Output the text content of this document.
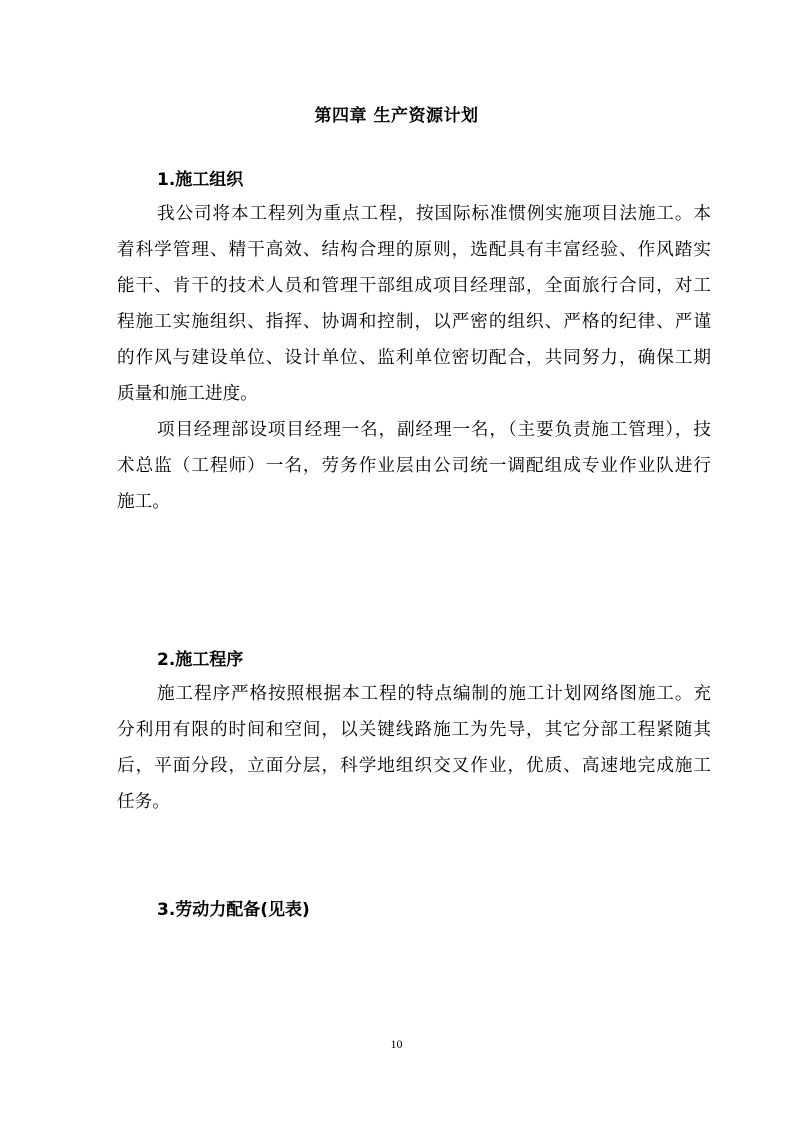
第四章 生产资源计划
1.施工组织
我公司将本工程列为重点工程，按国际标准惯例实施项目法施工。本
着科学管理、精干高效、结构合理的原则，选配具有丰富经验、作风踏实
能干、肯干的技术人员和管理干部组成项目经理部，全面旅行合同，对工
程施工实施组织、指挥、协调和控制，以严密的组织、严格的纪律、严谨
的作风与建设单位、设计单位、监利单位密切配合，共同努力，确保工期
质量和施工进度。
项目经理部设项目经理一名，副经理一名，（主要负责施工管理），技
术总监（工程师）一名，劳务作业层由公司统一调配组成专业作业队进行
施工。
2.施工程序
施工程序严格按照根据本工程的特点编制的施工计划网络图施工。充
分利用有限的时间和空间，以关键线路施工为先导，其它分部工程紧随其
后，平面分段，立面分层，科学地组织交叉作业，优质、高速地完成施工
任务。
3.劳动力配备(见表)
10
